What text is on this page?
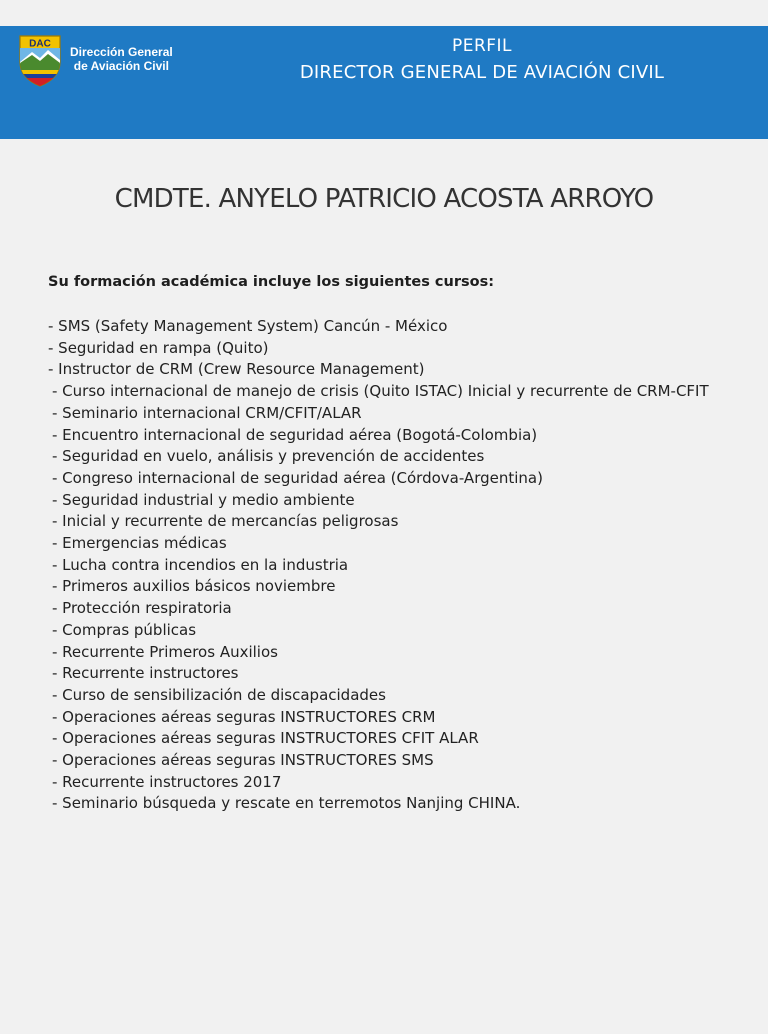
DAC
Dirección General
de Aviación Civil
PERFIL
DIRECTOR GENERAL DE AVIACIÓN CIVIL
CMDTE. ANYELO PATRICIO ACOSTA ARROYO
Su formación académica incluye los siguientes cursos:
- SMS (Safety Management System) Cancún - México
- Seguridad en rampa (Quito)
- Instructor de CRM (Crew Resource Management)
- Curso internacional de manejo de crisis (Quito ISTAC) Inicial y recurrente de CRM-CFIT
- Seminario internacional CRM/CFIT/ALAR
- Encuentro internacional de seguridad aérea (Bogotá-Colombia)
- Seguridad en vuelo, análisis y prevención de accidentes
- Congreso internacional de seguridad aérea (Córdova-Argentina)
- Seguridad industrial y medio ambiente
- Inicial y recurrente de mercancías peligrosas
- Emergencias médicas
- Lucha contra incendios en la industria
- Primeros auxilios básicos noviembre
- Protección respiratoria
- Compras públicas
- Recurrente Primeros Auxilios
- Recurrente instructores
- Curso de sensibilización de discapacidades
- Operaciones aéreas seguras INSTRUCTORES CRM
- Operaciones aéreas seguras INSTRUCTORES CFIT ALAR
- Operaciones aéreas seguras INSTRUCTORES SMS
- Recurrente instructores 2017
- Seminario búsqueda y rescate en terremotos Nanjing CHINA.
